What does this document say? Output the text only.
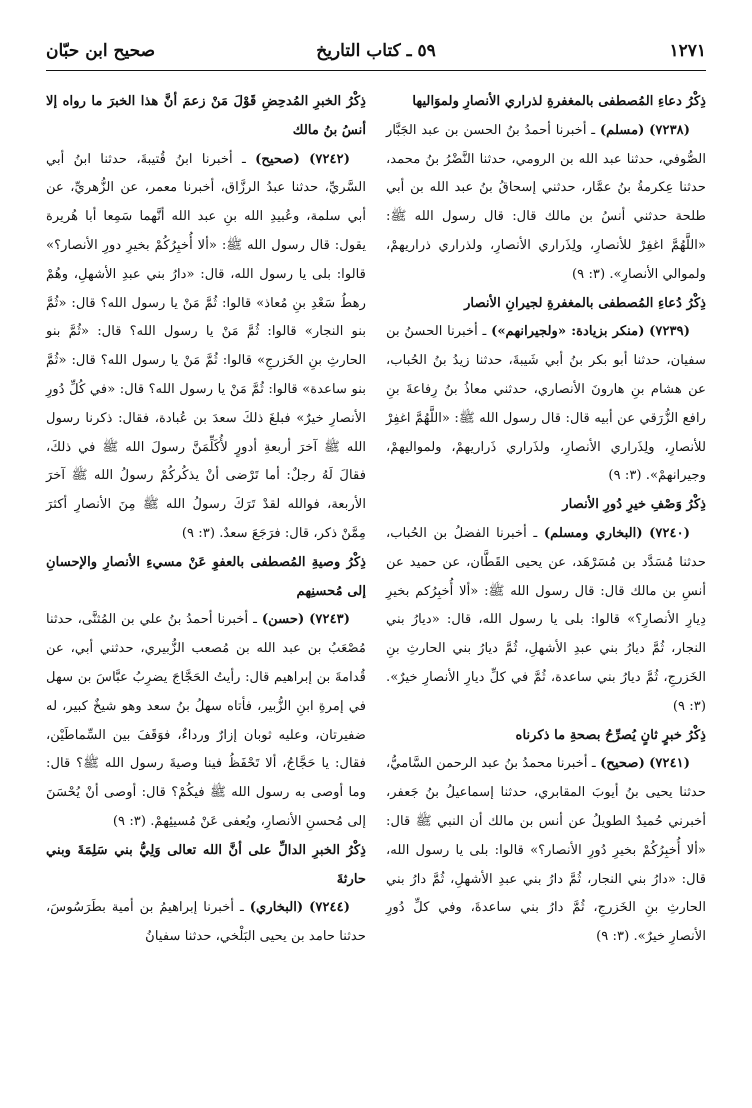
١٢٧١
٥٩ ـ كتاب التاريخ
صحيح ابن حبّان

ذِكْرُ دعاءِ المُصطفى بالمغفرةِ لذراري الأنصارِ ولموَاليها

(٧٢٣٨) (مسلم) ـ أخبرنا أحمدُ بنُ الحسن بن عبد الجَبَّار الصُّوفي، حدثنا عبد الله بن الرومي، حدثنا النَّضْرُ بنُ محمد، حدثنا عِكرمةُ بنُ عمَّار، حدثني إسحاقُ بنُ عبد الله بن أبي طلحة حدثني أنسُ بن مالك قال: قال رسول الله ﷺ: «اللَّهُمَّ اغفِرْ للأنصارِ، ولِذَراري الأنصارِ، ولذراري ذراريهمْ، ولموالي الأنصارِ». (٣: ٩)

ذِكْرُ دُعاءِ المُصطفى بالمغفرةِ لجيرانِ الأنصار

(٧٢٣٩) (منكر بزيادة: «ولجيرانهم») ـ أخبرنا الحسنُ بن سفيان، حدثنا أبو بكر بنُ أبي شَيبةَ، حدثنا زيدُ بنُ الحُباب، عن هشام بنِ هارونَ الأنصاري، حدثني معاذُ بنُ رِفاعةَ بنِ رافع الزُّرَقي عن أبيه قال: قال رسول الله ﷺ: «اللَّهُمَّ اغفِرْ للأنصارِ، ولِذَراري الأنصارِ، ولذَراري ذَراريهمْ، ولمواليهمْ، وجيرانهمْ». (٣: ٩)

ذِكْرُ وَصْفِ خيرِ دُورِ الأنصار

(٧٢٤٠) (البخاري ومسلم) ـ أخبرنا الفضلُ بن الحُباب، حدثنا مُسَدَّد بن مُسَرْهَد، عن يحيى القَطَّان، عن حميد عن أنسِ بن مالك قال: قال رسول الله ﷺ: «ألا أُخبِرُكم بخيرِ دِيارِ الأنصارِ؟» قالوا: بلى يا رسول الله، قال: «ديارُ بني النجار، ثُمَّ ديارُ بني عبدِ الأشهلِ، ثُمَّ ديارُ بني الحارثِ بنِ الخَزرجِ، ثُمَّ ديارُ بني ساعدة، ثُمَّ في كلِّ ديارِ الأنصارِ خيرٌ». (٣: ٩)

ذِكْرُ خبرٍ ثانٍ يُصرِّحُ بصحةِ ما ذكرناه

(٧٢٤١) (صحيح) ـ أخبرنا محمدُ بنُ عبد الرحمن السَّاميُّ، حدثنا يحيى بنُ أيوبَ المقابري، حدثنا إسماعيلُ بنُ جَعفر، أخبرني حُميدٌ الطويلُ عن أنس بن مالك أن النبي ﷺ قال: «ألا أُخبِرُكُمْ بخيرِ دُورِ الأنصار؟» قالوا: بلى يا رسول الله، قال: «دارُ بني النجار، ثُمَّ دارُ بني عبدِ الأشهلِ، ثُمَّ دارُ بني الحارثِ بنِ الخَزرجِ، ثُمَّ دارُ بني ساعدةَ، وفي كلِّ دُورِ الأنصارِ خيرٌ». (٣: ٩)

ذِكْرُ الخبرِ المُدحِضِ قَوْلَ مَنْ زعمَ أنَّ هذا الخبرَ ما رواه إلا أنسُ بنُ مالك

(٧٢٤٢) (صحيح) ـ أخبرنا ابنُ قُتيبةَ، حدثنا ابنُ أبي السَّريِّ، حدثنا عبدُ الرزَّاق، أخبرنا معمر، عن الزُّهريِّ، عن أبي سلمة، وعُبيدِ الله بنِ عبد الله أنَّهما سَمِعا أبا هُريرة يقول: قال رسول الله ﷺ: «ألا أُخبِرُكُمْ بخيرِ دورِ الأنصار؟» قالوا: بلى يا رسول الله، قال: «دارُ بني عبدِ الأشهلِ، وهُمْ رهطُ سَعْدِ بنِ مُعاذ» قالوا: ثُمَّ مَنْ يا رسول الله؟ قال: «ثُمَّ بنو النجار» قالوا: ثُمَّ مَنْ يا رسول الله؟ قال: «ثُمَّ بنو الحارثِ بنِ الخَزرجِ» قالوا: ثُمَّ مَنْ يا رسول الله؟ قال: «ثُمَّ بنو ساعدة» قالوا: ثُمَّ مَنْ يا رسول الله؟ قال: «في كُلِّ دُورِ الأنصارِ خيرٌ» فبلغَ ذلكَ سعدَ بن عُبادة، فقال: ذكرنا رسول الله ﷺ آخرَ أربعةِ أدورٍ لأُكَلِّمَنَّ رسولَ الله ﷺ في ذلكَ، فقالَ لَهُ رجلٌ: أما تَرْضى أنْ يذكُركُمْ رسولُ الله ﷺ آخرَ الأربعة، فوالله لقدْ تَرَكَ رسولُ الله ﷺ مِنَ الأنصارِ أكثرَ مِمَّنْ ذكر، قال: فرَجَعَ سعدٌ. (٣: ٩)

ذِكْرُ وصيةِ المُصطفى بالعفوِ عَنْ مسيءِ الأنصارِ والإحسانِ إلى مُحسنِهم

(٧٢٤٣) (حسن) ـ أخبرنا أحمدُ بنُ علي بن المُثنَّى، حدثنا مُصْعَبُ بن عبد الله بن مُصعب الزُّبيري، حدثني أبي، عن قُدامةَ بن إبراهيم قال: رأيتُ الحَجَّاجَ يضرِبُ عبَّاسَ بن سهل في إمرةِ ابنِ الزُّبير، فأتاه سهلُ بنُ سعد وهو شيخٌ كبير، له ضفيرتان، وعليه ثوبان إزارٌ ورداءٌ، فوَقَفَ بين السِّماطَيْن، فقال: يا حَجَّاجُ، ألا تَحْفَظُ فينا وصيةَ رسول الله ﷺ؟ قال: وما أوصى به رسول الله ﷺ فيكُمْ؟ قال: أوصى أنْ يُحْسَنَ إلى مُحسنِ الأنصارِ، ويُعفى عَنْ مُسيئِهمْ. (٣: ٩)

ذِكْرُ الخبرِ الدالِّ على أنَّ الله تعالى وَلِيُّ بني سَلِمَةَ وبني حارثةَ

(٧٢٤٤) (البخاري) ـ أخبرنا إبراهيمُ بن أمية بطَرَسُوسَ، حدثنا حامد بن يحيى البَلْخي، حدثنا سفيانُ
